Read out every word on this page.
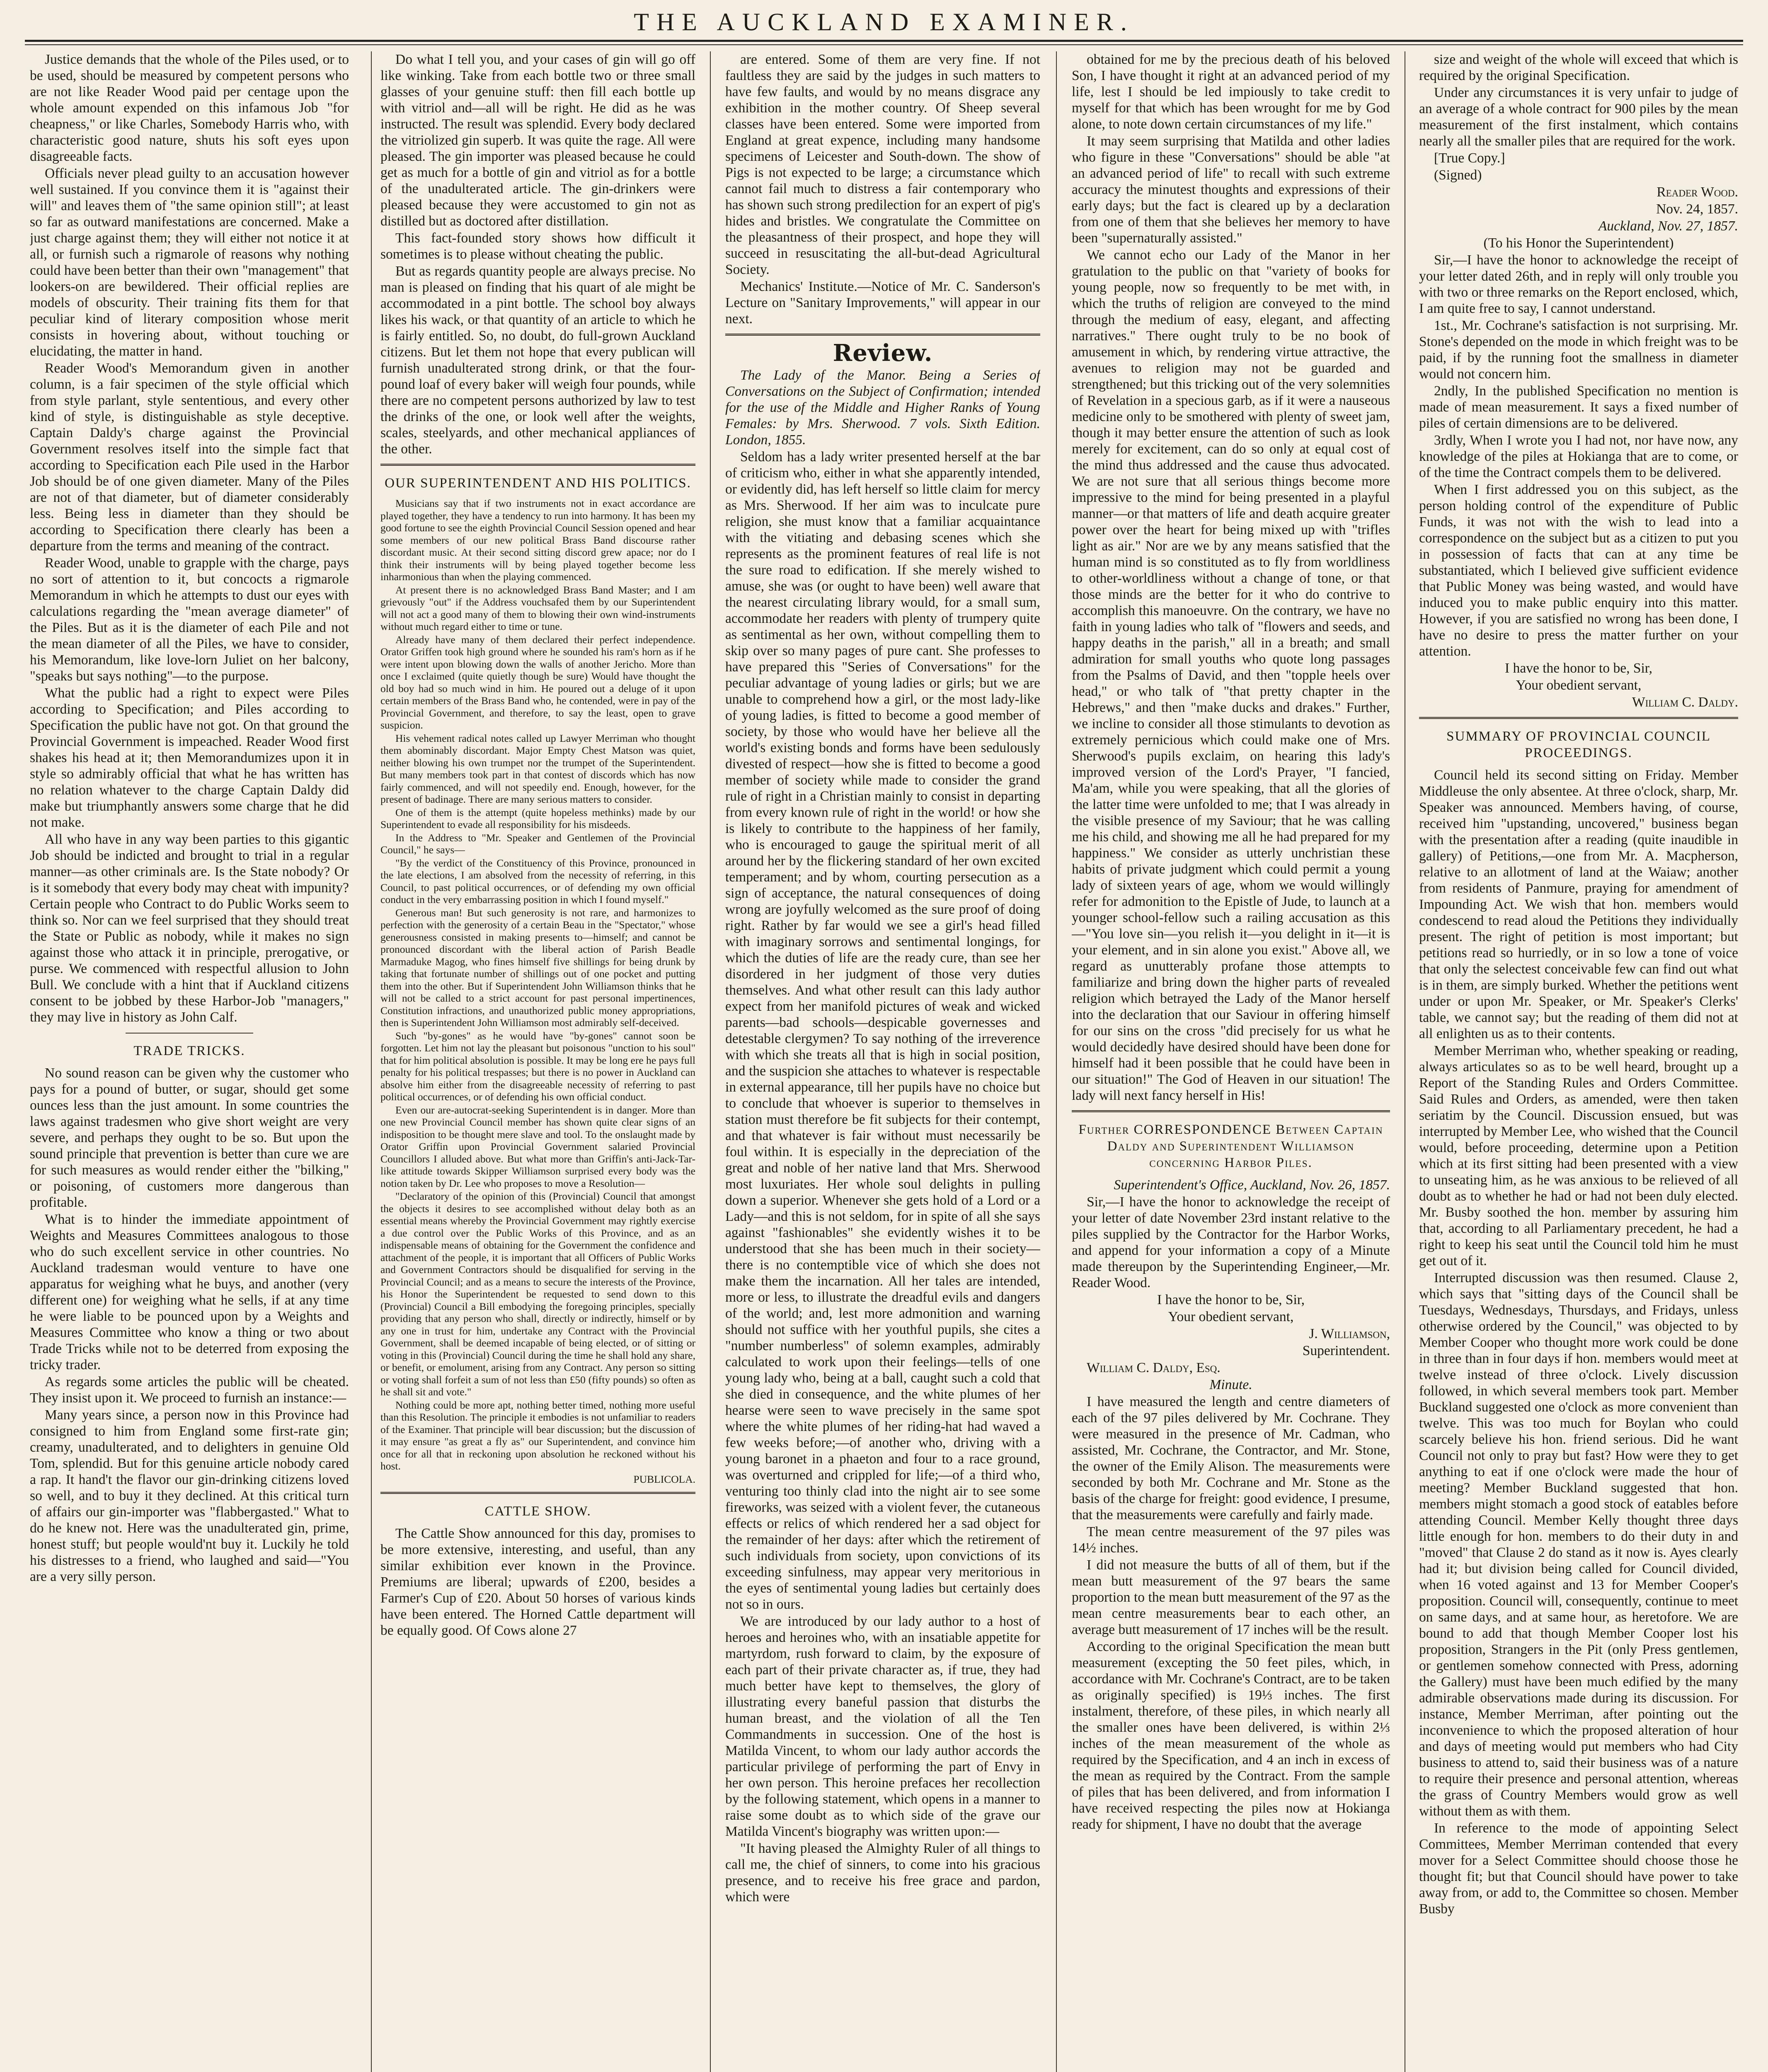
THE AUCKLAND EXAMINER.

Justice demands that the whole of the Piles used, or to be used, should be measured by competent persons who are not like Reader Wood paid per centage upon the whole amount expended on this infamous Job "for cheapness," or like Charles, Somebody Harris who, with characteristic good nature, shuts his soft eyes upon disagreeable facts.

Officials never plead guilty to an accusation however well sustained. If you convince them it is "against their will" and leaves them of "the same opinion still"; at least so far as outward manifestations are concerned. Make a just charge against them; they will either not notice it at all, or furnish such a rigmarole of reasons why nothing could have been better than their own "management" that lookers-on are bewildered. Their official replies are models of obscurity. Their training fits them for that peculiar kind of literary composition whose merit consists in hovering about, without touching or elucidating, the matter in hand.

Reader Wood's Memorandum given in another column, is a fair specimen of the style official which from style parlant, style sententious, and every other kind of style, is distinguishable as style deceptive. Captain Daldy's charge against the Provincial Government resolves itself into the simple fact that according to Specification each Pile used in the Harbor Job should be of one given diameter. Many of the Piles are not of that diameter, but of diameter considerably less. Being less in diameter than they should be according to Specification there clearly has been a departure from the terms and meaning of the contract.

Reader Wood, unable to grapple with the charge, pays no sort of attention to it, but concocts a rigmarole Memorandum in which he attempts to dust our eyes with calculations regarding the "mean average diameter" of the Piles. But as it is the diameter of each Pile and not the mean diameter of all the Piles, we have to consider, his Memorandum, like love-lorn Juliet on her balcony, "speaks but says nothing"—to the purpose.

What the public had a right to expect were Piles according to Specification; and Piles according to Specification the public have not got. On that ground the Provincial Government is impeached. Reader Wood first shakes his head at it; then Memorandumizes upon it in style so admirably official that what he has written has no relation whatever to the charge Captain Daldy did make but triumphantly answers some charge that he did not make.

All who have in any way been parties to this gigantic Job should be indicted and brought to trial in a regular manner—as other criminals are. Is the State nobody? Or is it somebody that every body may cheat with impunity? Certain people who Contract to do Public Works seem to think so. Nor can we feel surprised that they should treat the State or Public as nobody, while it makes no sign against those who attack it in principle, prerogative, or purse. We commenced with respectful allusion to John Bull. We conclude with a hint that if Auckland citizens consent to be jobbed by these Harbor-Job "managers," they may live in history as John Calf.

TRADE TRICKS.

No sound reason can be given why the customer who pays for a pound of butter, or sugar, should get some ounces less than the just amount. In some countries the laws against tradesmen who give short weight are very severe, and perhaps they ought to be so. But upon the sound principle that prevention is better than cure we are for such measures as would render either the "bilking," or poisoning, of customers more dangerous than profitable.

What is to hinder the immediate appointment of Weights and Measures Committees analogous to those who do such excellent service in other countries. No Auckland tradesman would venture to have one apparatus for weighing what he buys, and another (very different one) for weighing what he sells, if at any time he were liable to be pounced upon by a Weights and Measures Committee who know a thing or two about Trade Tricks while not to be deterred from exposing the tricky trader.

As regards some articles the public will be cheated. They insist upon it. We proceed to furnish an instance:—

Many years since, a person now in this Province had consigned to him from England some first-rate gin; creamy, unadulterated, and to delighters in genuine Old Tom, splendid. But for this genuine article nobody cared a rap. It hand't the flavor our gin-drinking citizens loved so well, and to buy it they declined. At this critical turn of affairs our gin-importer was "flabbergasted." What to do he knew not. Here was the unadulterated gin, prime, honest stuff; but people would'nt buy it. Luckily he told his distresses to a friend, who laughed and said—"You are a very silly person.

Do what I tell you, and your cases of gin will go off like winking. Take from each bottle two or three small glasses of your genuine stuff: then fill each bottle up with vitriol and—all will be right. He did as he was instructed. The result was splendid. Every body declared the vitriolized gin superb. It was quite the rage. All were pleased. The gin importer was pleased because he could get as much for a bottle of gin and vitriol as for a bottle of the unadulterated article. The gin-drinkers were pleased because they were accustomed to gin not as distilled but as doctored after distillation.

This fact-founded story shows how difficult it sometimes is to please without cheating the public.

But as regards quantity people are always precise. No man is pleased on finding that his quart of ale might be accommodated in a pint bottle. The school boy always likes his wack, or that quantity of an article to which he is fairly entitled. So, no doubt, do full-grown Auckland citizens. But let them not hope that every publican will furnish unadulterated strong drink, or that the four-pound loaf of every baker will weigh four pounds, while there are no competent persons authorized by law to test the drinks of the one, or look well after the weights, scales, steelyards, and other mechanical appliances of the other.

OUR SUPERINTENDENT AND HIS POLITICS.

Musicians say that if two instruments not in exact accordance are played together, they have a tendency to run into harmony. It has been my good fortune to see the eighth Provincial Council Session opened and hear some members of our new political Brass Band discourse rather discordant music. At their second sitting discord grew apace; nor do I think their instruments will by being played together become less inharmonious than when the playing commenced.

At present there is no acknowledged Brass Band Master; and I am grievously "out" if the Address vouchsafed them by our Superintendent will not act a good many of them to blowing their own wind-instruments without much regard either to time or tune.

Already have many of them declared their perfect independence. Orator Griffen took high ground where he sounded his ram's horn as if he were intent upon blowing down the walls of another Jericho. More than once I exclaimed (quite quietly though be sure) Would have thought the old boy had so much wind in him. He poured out a deluge of it upon certain members of the Brass Band who, he contended, were in pay of the Provincial Government, and therefore, to say the least, open to grave suspicion.

His vehement radical notes called up Lawyer Merriman who thought them abominably discordant. Major Empty Chest Matson was quiet, neither blowing his own trumpet nor the trumpet of the Superintendent. But many members took part in that contest of discords which has now fairly commenced, and will not speedily end. Enough, however, for the present of badinage. There are many serious matters to consider.

One of them is the attempt (quite hopeless methinks) made by our Superintendent to evade all responsibility for his misdeeds.

In the Address to "Mr. Speaker and Gentlemen of the Provincial Council," he says—

"By the verdict of the Constituency of this Province, pronounced in the late elections, I am absolved from the necessity of referring, in this Council, to past political occurrences, or of defending my own official conduct in the very embarrassing position in which I found myself."

Generous man! But such generosity is not rare, and harmonizes to perfection with the generosity of a certain Beau in the "Spectator," whose generousness consisted in making presents to—himself; and cannot be pronounced discordant with the liberal action of Parish Beadle Marmaduke Magog, who fines himself five shillings for being drunk by taking that fortunate number of shillings out of one pocket and putting them into the other. But if Superintendent John Williamson thinks that he will not be called to a strict account for past personal impertinences, Constitution infractions, and unauthorized public money appropriations, then is Superintendent John Williamson most admirably self-deceived.

Such "by-gones" as he would have "by-gones" cannot soon be forgotten. Let him not lay the pleasant but poisonous "unction to his soul" that for him political absolution is possible. It may be long ere he pays full penalty for his political trespasses; but there is no power in Auckland can absolve him either from the disagreeable necessity of referring to past political occurrences, or of defending his own official conduct.

Even our are-autocrat-seeking Superintendent is in danger. More than one new Provincial Council member has shown quite clear signs of an indisposition to be thought mere slave and tool. To the onslaught made by Orator Griffin upon Provincial Government salaried Provincial Councillors I alluded above. But what more than Griffin's anti-Jack-Tar-like attitude towards Skipper Williamson surprised every body was the notion taken by Dr. Lee who proposes to move a Resolution—

"Declaratory of the opinion of this (Provincial) Council that amongst the objects it desires to see accomplished without delay both as an essential means whereby the Provincial Government may rightly exercise a due control over the Public Works of this Province, and as an indispensable means of obtaining for the Government the confidence and attachment of the people, it is important that all Officers of Public Works and Government Contractors should be disqualified for serving in the Provincial Council; and as a means to secure the interests of the Province, his Honor the Superintendent be requested to send down to this (Provincial) Council a Bill embodying the foregoing principles, specially providing that any person who shall, directly or indirectly, himself or by any one in trust for him, undertake any Contract with the Provincial Government, shall be deemed incapable of being elected, or of sitting or voting in this (Provincial) Council during the time he shall hold any share, or benefit, or emolument, arising from any Contract. Any person so sitting or voting shall forfeit a sum of not less than £50 (fifty pounds) so often as he shall sit and vote."

Nothing could be more apt, nothing better timed, nothing more useful than this Resolution. The principle it embodies is not unfamiliar to readers of the Examiner. That principle will bear discussion; but the discussion of it may ensure "as great a fly as" our Superintendent, and convince him once for all that in reckoning upon absolution he reckoned without his host.

PUBLICOLA.

CATTLE SHOW.

The Cattle Show announced for this day, promises to be more extensive, interesting, and useful, than any similar exhibition ever known in the Province. Premiums are liberal; upwards of £200, besides a Farmer's Cup of £20. About 50 horses of various kinds have been entered. The Horned Cattle department will be equally good. Of Cows alone 27

are entered. Some of them are very fine. If not faultless they are said by the judges in such matters to have few faults, and would by no means disgrace any exhibition in the mother country. Of Sheep several classes have been entered. Some were imported from England at great expence, including many handsome specimens of Leicester and South-down. The show of Pigs is not expected to be large; a circumstance which cannot fail much to distress a fair contemporary who has shown such strong predilection for an expert of pig's hides and bristles. We congratulate the Committee on the pleasantness of their prospect, and hope they will succeed in resuscitating the all-but-dead Agricultural Society.

Mechanics' Institute.—Notice of Mr. C. Sanderson's Lecture on "Sanitary Improvements," will appear in our next.

Review.

The Lady of the Manor. Being a Series of Conversations on the Subject of Confirmation; intended for the use of the Middle and Higher Ranks of Young Females: by Mrs. Sherwood. 7 vols. Sixth Edition. London, 1855.

Seldom has a lady writer presented herself at the bar of criticism who, either in what she apparently intended, or evidently did, has left herself so little claim for mercy as Mrs. Sherwood. If her aim was to inculcate pure religion, she must know that a familiar acquaintance with the vitiating and debasing scenes which she represents as the prominent features of real life is not the sure road to edification. If she merely wished to amuse, she was (or ought to have been) well aware that the nearest circulating library would, for a small sum, accommodate her readers with plenty of trumpery quite as sentimental as her own, without compelling them to skip over so many pages of pure cant. She professes to have prepared this "Series of Conversations" for the peculiar advantage of young ladies or girls; but we are unable to comprehend how a girl, or the most lady-like of young ladies, is fitted to become a good member of society, by those who would have her believe all the world's existing bonds and forms have been sedulously divested of respect—how she is fitted to become a good member of society while made to consider the grand rule of right in a Christian mainly to consist in departing from every known rule of right in the world! or how she is likely to contribute to the happiness of her family, who is encouraged to gauge the spiritual merit of all around her by the flickering standard of her own excited temperament; and by whom, courting persecution as a sign of acceptance, the natural consequences of doing wrong are joyfully welcomed as the sure proof of doing right. Rather by far would we see a girl's head filled with imaginary sorrows and sentimental longings, for which the duties of life are the ready cure, than see her disordered in her judgment of those very duties themselves. And what other result can this lady author expect from her manifold pictures of weak and wicked parents—bad schools—despicable governesses and detestable clergymen? To say nothing of the irreverence with which she treats all that is high in social position, and the suspicion she attaches to whatever is respectable in external appearance, till her pupils have no choice but to conclude that whoever is superior to themselves in station must therefore be fit subjects for their contempt, and that whatever is fair without must necessarily be foul within. It is especially in the depreciation of the great and noble of her native land that Mrs. Sherwood most luxuriates. Her whole soul delights in pulling down a superior. Whenever she gets hold of a Lord or a Lady—and this is not seldom, for in spite of all she says against "fashionables" she evidently wishes it to be understood that she has been much in their society—there is no contemptible vice of which she does not make them the incarnation. All her tales are intended, more or less, to illustrate the dreadful evils and dangers of the world; and, lest more admonition and warning should not suffice with her youthful pupils, she cites a "number numberless" of solemn examples, admirably calculated to work upon their feelings—tells of one young lady who, being at a ball, caught such a cold that she died in consequence, and the white plumes of her hearse were seen to wave precisely in the same spot where the white plumes of her riding-hat had waved a few weeks before;—of another who, driving with a young baronet in a phaeton and four to a race ground, was overturned and crippled for life;—of a third who, venturing too thinly clad into the night air to see some fireworks, was seized with a violent fever, the cutaneous effects or relics of which rendered her a sad object for the remainder of her days: after which the retirement of such individuals from society, upon convictions of its exceeding sinfulness, may appear very meritorious in the eyes of sentimental young ladies but certainly does not so in ours.

We are introduced by our lady author to a host of heroes and heroines who, with an insatiable appetite for martyrdom, rush forward to claim, by the exposure of each part of their private character as, if true, they had much better have kept to themselves, the glory of illustrating every baneful passion that disturbs the human breast, and the violation of all the Ten Commandments in succession. One of the host is Matilda Vincent, to whom our lady author accords the particular privilege of performing the part of Envy in her own person. This heroine prefaces her recollection by the following statement, which opens in a manner to raise some doubt as to which side of the grave our Matilda Vincent's biography was written upon:—

"It having pleased the Almighty Ruler of all things to call me, the chief of sinners, to come into his gracious presence, and to receive his free grace and pardon, which were

obtained for me by the precious death of his beloved Son, I have thought it right at an advanced period of my life, lest I should be led impiously to take credit to myself for that which has been wrought for me by God alone, to note down certain circumstances of my life."

It may seem surprising that Matilda and other ladies who figure in these "Conversations" should be able "at an advanced period of life" to recall with such extreme accuracy the minutest thoughts and expressions of their early days; but the fact is cleared up by a declaration from one of them that she believes her memory to have been "supernaturally assisted."

We cannot echo our Lady of the Manor in her gratulation to the public on that "variety of books for young people, now so frequently to be met with, in which the truths of religion are conveyed to the mind through the medium of easy, elegant, and affecting narratives." There ought truly to be no book of amusement in which, by rendering virtue attractive, the avenues to religion may not be guarded and strengthened; but this tricking out of the very solemnities of Revelation in a specious garb, as if it were a nauseous medicine only to be smothered with plenty of sweet jam, though it may better ensure the attention of such as look merely for excitement, can do so only at equal cost of the mind thus addressed and the cause thus advocated. We are not sure that all serious things become more impressive to the mind for being presented in a playful manner—or that matters of life and death acquire greater power over the heart for being mixed up with "trifles light as air." Nor are we by any means satisfied that the human mind is so constituted as to fly from worldliness to other-worldliness without a change of tone, or that those minds are the better for it who do contrive to accomplish this manoeuvre. On the contrary, we have no faith in young ladies who talk of "flowers and seeds, and happy deaths in the parish," all in a breath; and small admiration for small youths who quote long passages from the Psalms of David, and then "topple heels over head," or who talk of "that pretty chapter in the Hebrews," and then "make ducks and drakes." Further, we incline to consider all those stimulants to devotion as extremely pernicious which could make one of Mrs. Sherwood's pupils exclaim, on hearing this lady's improved version of the Lord's Prayer, "I fancied, Ma'am, while you were speaking, that all the glories of the latter time were unfolded to me; that I was already in the visible presence of my Saviour; that he was calling me his child, and showing me all he had prepared for my happiness." We consider as utterly unchristian these habits of private judgment which could permit a young lady of sixteen years of age, whom we would willingly refer for admonition to the Epistle of Jude, to launch at a younger school-fellow such a railing accusation as this—"You love sin—you relish it—you delight in it—it is your element, and in sin alone you exist." Above all, we regard as unutterably profane those attempts to familiarize and bring down the higher parts of revealed religion which betrayed the Lady of the Manor herself into the declaration that our Saviour in offering himself for our sins on the cross "did precisely for us what he would decidedly have desired should have been done for himself had it been possible that he could have been in our situation!" The God of Heaven in our situation! The lady will next fancy herself in His!

Further CORRESPONDENCE Between Captain Daldy and Superintendent Williamson concerning Harbor Piles.

Superintendent's Office, Auckland, Nov. 26, 1857.

Sir,—I have the honor to acknowledge the receipt of your letter of date November 23rd instant relative to the piles supplied by the Contractor for the Harbor Works, and append for your information a copy of a Minute made thereupon by the Superintending Engineer,—Mr. Reader Wood.

I have the honor to be, Sir,

Your obedient servant,

J. Williamson,

Superintendent.

William C. Daldy, Esq.

Minute.

I have measured the length and centre diameters of each of the 97 piles delivered by Mr. Cochrane. They were measured in the presence of Mr. Cadman, who assisted, Mr. Cochrane, the Contractor, and Mr. Stone, the owner of the Emily Alison. The measurements were seconded by both Mr. Cochrane and Mr. Stone as the basis of the charge for freight: good evidence, I presume, that the measurements were carefully and fairly made.

The mean centre measurement of the 97 piles was 14½ inches.

I did not measure the butts of all of them, but if the mean butt measurement of the 97 bears the same proportion to the mean butt measurement of the 97 as the mean centre measurements bear to each other, an average butt measurement of 17 inches will be the result.

According to the original Specification the mean butt measurement (excepting the 50 feet piles, which, in accordance with Mr. Cochrane's Contract, are to be taken as originally specified) is 19⅓ inches. The first instalment, therefore, of these piles, in which nearly all the smaller ones have been delivered, is within 2⅓ inches of the mean measurement of the whole as required by the Specification, and 4 an inch in excess of the mean as required by the Contract. From the sample of piles that has been delivered, and from information I have received respecting the piles now at Hokianga ready for shipment, I have no doubt that the average

size and weight of the whole will exceed that which is required by the original Specification.

Under any circumstances it is very unfair to judge of an average of a whole contract for 900 piles by the mean measurement of the first instalment, which contains nearly all the smaller piles that are required for the work.

[True Copy.]

(Signed)

Reader Wood.

Nov. 24, 1857.

Auckland, Nov. 27, 1857.

(To his Honor the Superintendent)

Sir,—I have the honor to acknowledge the receipt of your letter dated 26th, and in reply will only trouble you with two or three remarks on the Report enclosed, which, I am quite free to say, I cannot understand.

1st., Mr. Cochrane's satisfaction is not surprising. Mr. Stone's depended on the mode in which freight was to be paid, if by the running foot the smallness in diameter would not concern him.

2ndly, In the published Specification no mention is made of mean measurement. It says a fixed number of piles of certain dimensions are to be delivered.

3rdly, When I wrote you I had not, nor have now, any knowledge of the piles at Hokianga that are to come, or of the time the Contract compels them to be delivered.

When I first addressed you on this subject, as the person holding control of the expenditure of Public Funds, it was not with the wish to lead into a correspondence on the subject but as a citizen to put you in possession of facts that can at any time be substantiated, which I believed give sufficient evidence that Public Money was being wasted, and would have induced you to make public enquiry into this matter. However, if you are satisfied no wrong has been done, I have no desire to press the matter further on your attention.

I have the honor to be, Sir,

Your obedient servant,

William C. Daldy.

SUMMARY OF PROVINCIAL COUNCIL PROCEEDINGS.

Council held its second sitting on Friday. Member Middleuse the only absentee. At three o'clock, sharp, Mr. Speaker was announced. Members having, of course, received him "upstanding, uncovered," business began with the presentation after a reading (quite inaudible in gallery) of Petitions,—one from Mr. A. Macpherson, relative to an allotment of land at the Waiaw; another from residents of Panmure, praying for amendment of Impounding Act. We wish that hon. members would condescend to read aloud the Petitions they individually present. The right of petition is most important; but petitions read so hurriedly, or in so low a tone of voice that only the selectest conceivable few can find out what is in them, are simply burked. Whether the petitions went under or upon Mr. Speaker, or Mr. Speaker's Clerks' table, we cannot say; but the reading of them did not at all enlighten us as to their contents.

Member Merriman who, whether speaking or reading, always articulates so as to be well heard, brought up a Report of the Standing Rules and Orders Committee. Said Rules and Orders, as amended, were then taken seriatim by the Council. Discussion ensued, but was interrupted by Member Lee, who wished that the Council would, before proceeding, determine upon a Petition which at its first sitting had been presented with a view to unseating him, as he was anxious to be relieved of all doubt as to whether he had or had not been duly elected. Mr. Busby soothed the hon. member by assuring him that, according to all Parliamentary precedent, he had a right to keep his seat until the Council told him he must get out of it.

Interrupted discussion was then resumed. Clause 2, which says that "sitting days of the Council shall be Tuesdays, Wednesdays, Thursdays, and Fridays, unless otherwise ordered by the Council," was objected to by Member Cooper who thought more work could be done in three than in four days if hon. members would meet at twelve instead of three o'clock. Lively discussion followed, in which several members took part. Member Buckland suggested one o'clock as more convenient than twelve. This was too much for Boylan who could scarcely believe his hon. friend serious. Did he want Council not only to pray but fast? How were they to get anything to eat if one o'clock were made the hour of meeting? Member Buckland suggested that hon. members might stomach a good stock of eatables before attending Council. Member Kelly thought three days little enough for hon. members to do their duty in and "moved" that Clause 2 do stand as it now is. Ayes clearly had it; but division being called for Council divided, when 16 voted against and 13 for Member Cooper's proposition. Council will, consequently, continue to meet on same days, and at same hour, as heretofore. We are bound to add that though Member Cooper lost his proposition, Strangers in the Pit (only Press gentlemen, or gentlemen somehow connected with Press, adorning the Gallery) must have been much edified by the many admirable observations made during its discussion. For instance, Member Merriman, after pointing out the inconvenience to which the proposed alteration of hour and days of meeting would put members who had City business to attend to, said their business was of a nature to require their presence and personal attention, whereas the grass of Country Members would grow as well without them as with them.

In reference to the mode of appointing Select Committees, Member Merriman contended that every mover for a Select Committee should choose those he thought fit; but that Council should have power to take away from, or add to, the Committee so chosen. Member Busby
